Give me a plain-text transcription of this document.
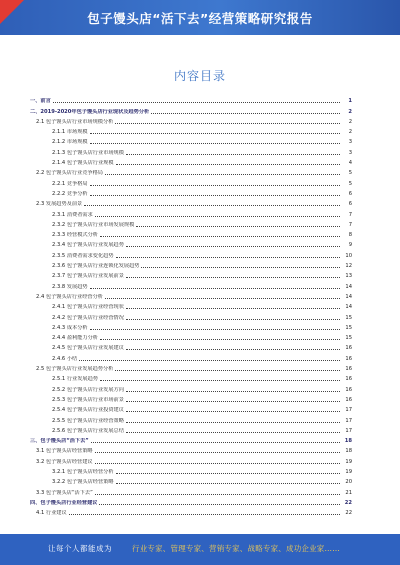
包子馒头店“活下去”经营策略研究报告
内容目录
一、前言	1
二、2019-2020年包子馒头店行业现状及趋势分析	2
2.1 包子馒头店行业市场规模分析	2
2.1.1 市场规模	2
2.1.2 市场规模	3
2.1.3 包子馒头店行业市场规模	3
2.1.4 包子馒头店行业规模	4
2.2 包子馒头店行业竞争格局	5
2.2.1 竞争格局	5
2.2.2 竞争分析	6
2.3 发展趋势及前景	6
2.3.1 消费者需求	7
2.3.2 包子馒头店行业市场发展规模	7
2.3.3 经营模式分析	8
2.3.4 包子馒头店行业发展趋势	9
2.3.5 消费者需求变化趋势	10
2.3.6 包子馒头店行业连锁化发展趋势	12
2.3.7 包子馒头店行业发展前景	13
2.3.8 发展趋势	14
2.4 包子馒头店行业经营分析	14
2.4.1 包子馒头店行业经营现状	14
2.4.2 包子馒头店行业经营情况	15
2.4.3 成本分析	15
2.4.4 盈利能力分析	15
2.4.5 包子馒头店行业发展建议	16
2.4.6 小结	16
2.5 包子馒头店行业发展趋势分析	16
2.5.1 行业发展趋势	16
2.5.2 包子馒头店行业发展方向	16
2.5.3 包子馒头店行业市场前景	16
2.5.4 包子馒头店行业投资建议	17
2.5.5 包子馒头店行业经营策略	17
2.5.6 包子馒头店行业发展总结	17
三、包子馒头店“活下去”	18
3.1 包子馒头店经营策略	18
3.2 包子馒头店经营建议	19
3.2.1 包子馒头店经营分析	19
3.2.2 包子馒头店经营策略	20
3.3 包子馒头店“活下去”	21
四、包子馒头店行业经营建议	22
4.1 行业建议	22
让每个人都能成为	行业专家、管理专家、营销专家、战略专家、成功企业家……
